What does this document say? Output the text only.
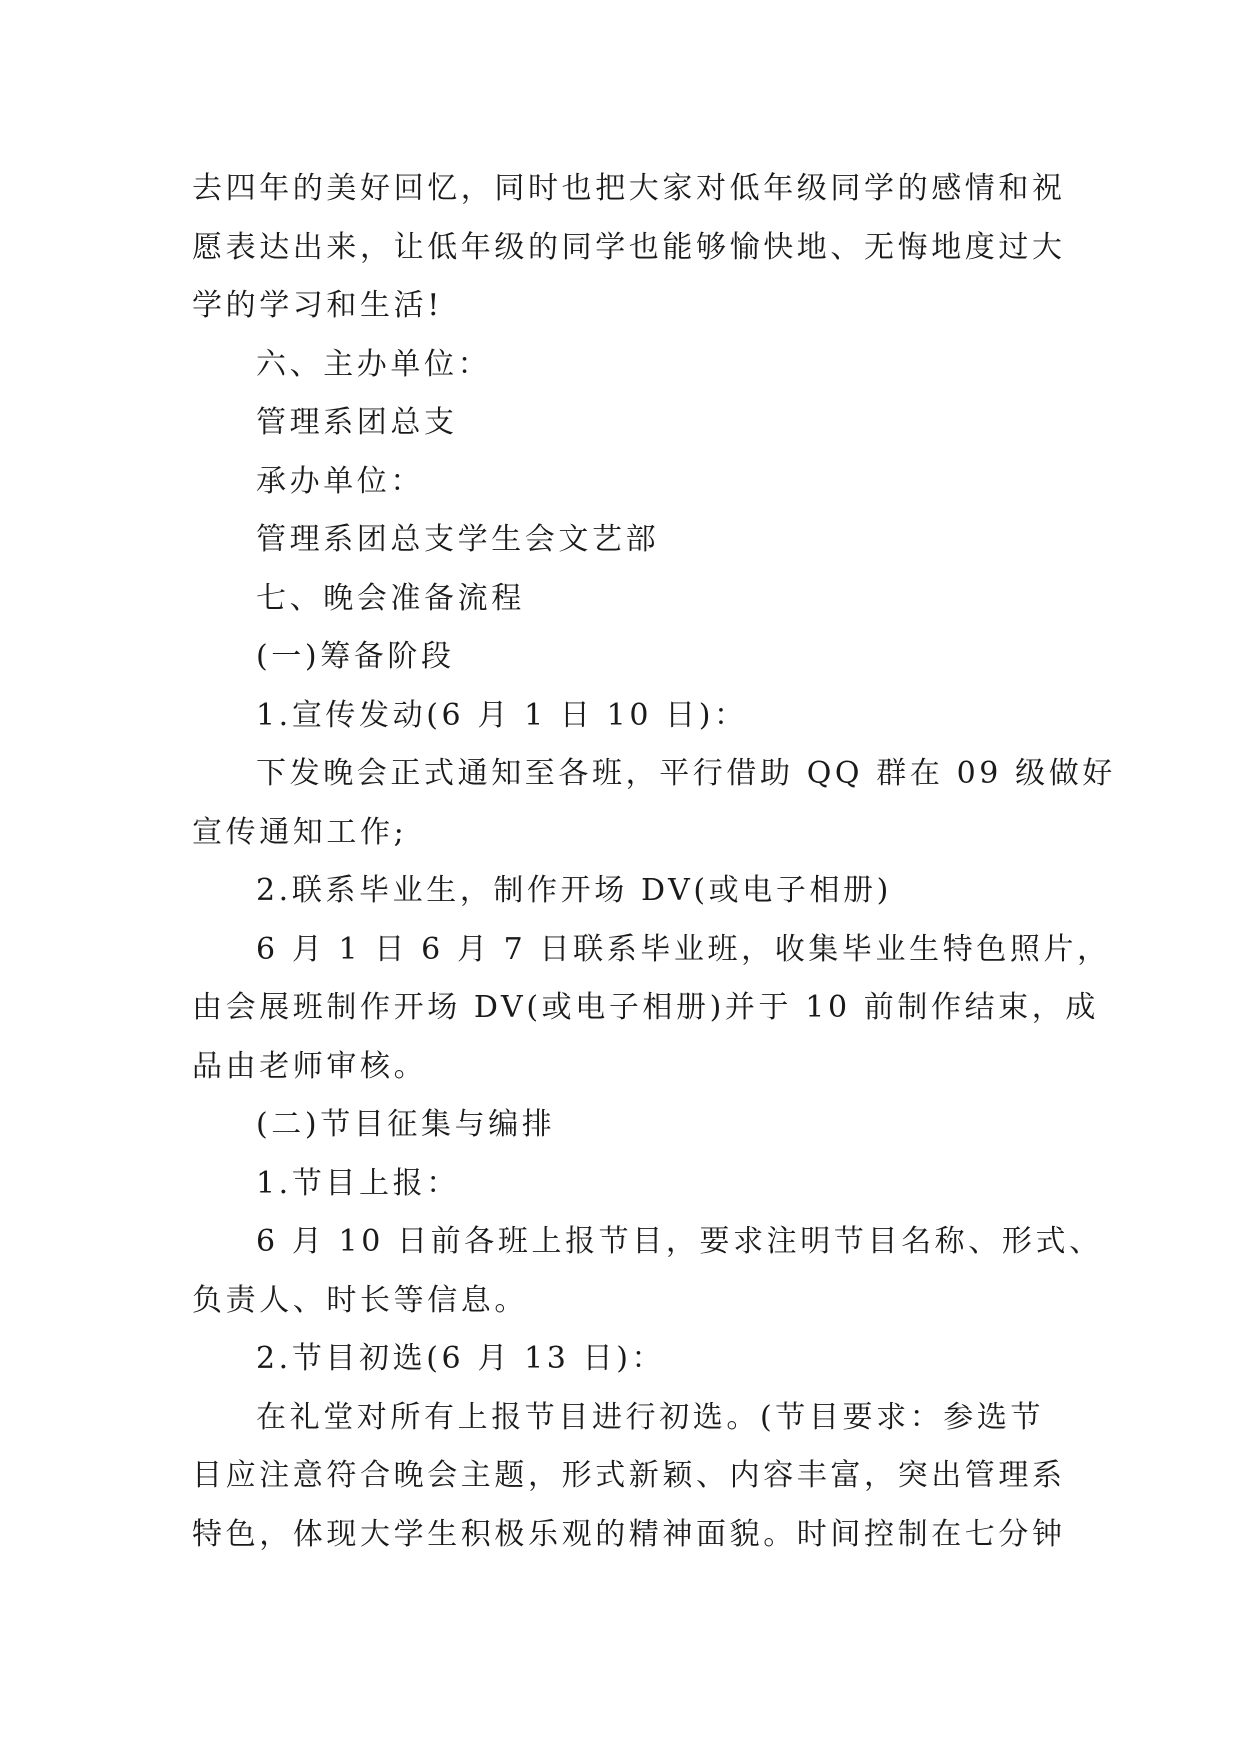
去四年的美好回忆，同时也把大家对低年级同学的感情和祝
愿表达出来，让低年级的同学也能够愉快地、无悔地度过大
学的学习和生活!
六、主办单位：
管理系团总支
承办单位：
管理系团总支学生会文艺部
七、晚会准备流程
(一)筹备阶段
1.宣传发动(6 月 1 日 10 日)：
下发晚会正式通知至各班，平行借助 QQ 群在 09 级做好
宣传通知工作;
2.联系毕业生，制作开场 DV(或电子相册)
6 月 1 日 6 月 7 日联系毕业班，收集毕业生特色照片，
由会展班制作开场 DV(或电子相册)并于 10 前制作结束，成
品由老师审核。
(二)节目征集与编排
1.节目上报：
6 月 10 日前各班上报节目，要求注明节目名称、形式、
负责人、时长等信息。
2.节目初选(6 月 13 日)：
在礼堂对所有上报节目进行初选。(节目要求：参选节
目应注意符合晚会主题，形式新颖、内容丰富，突出管理系
特色，体现大学生积极乐观的精神面貌。时间控制在七分钟
